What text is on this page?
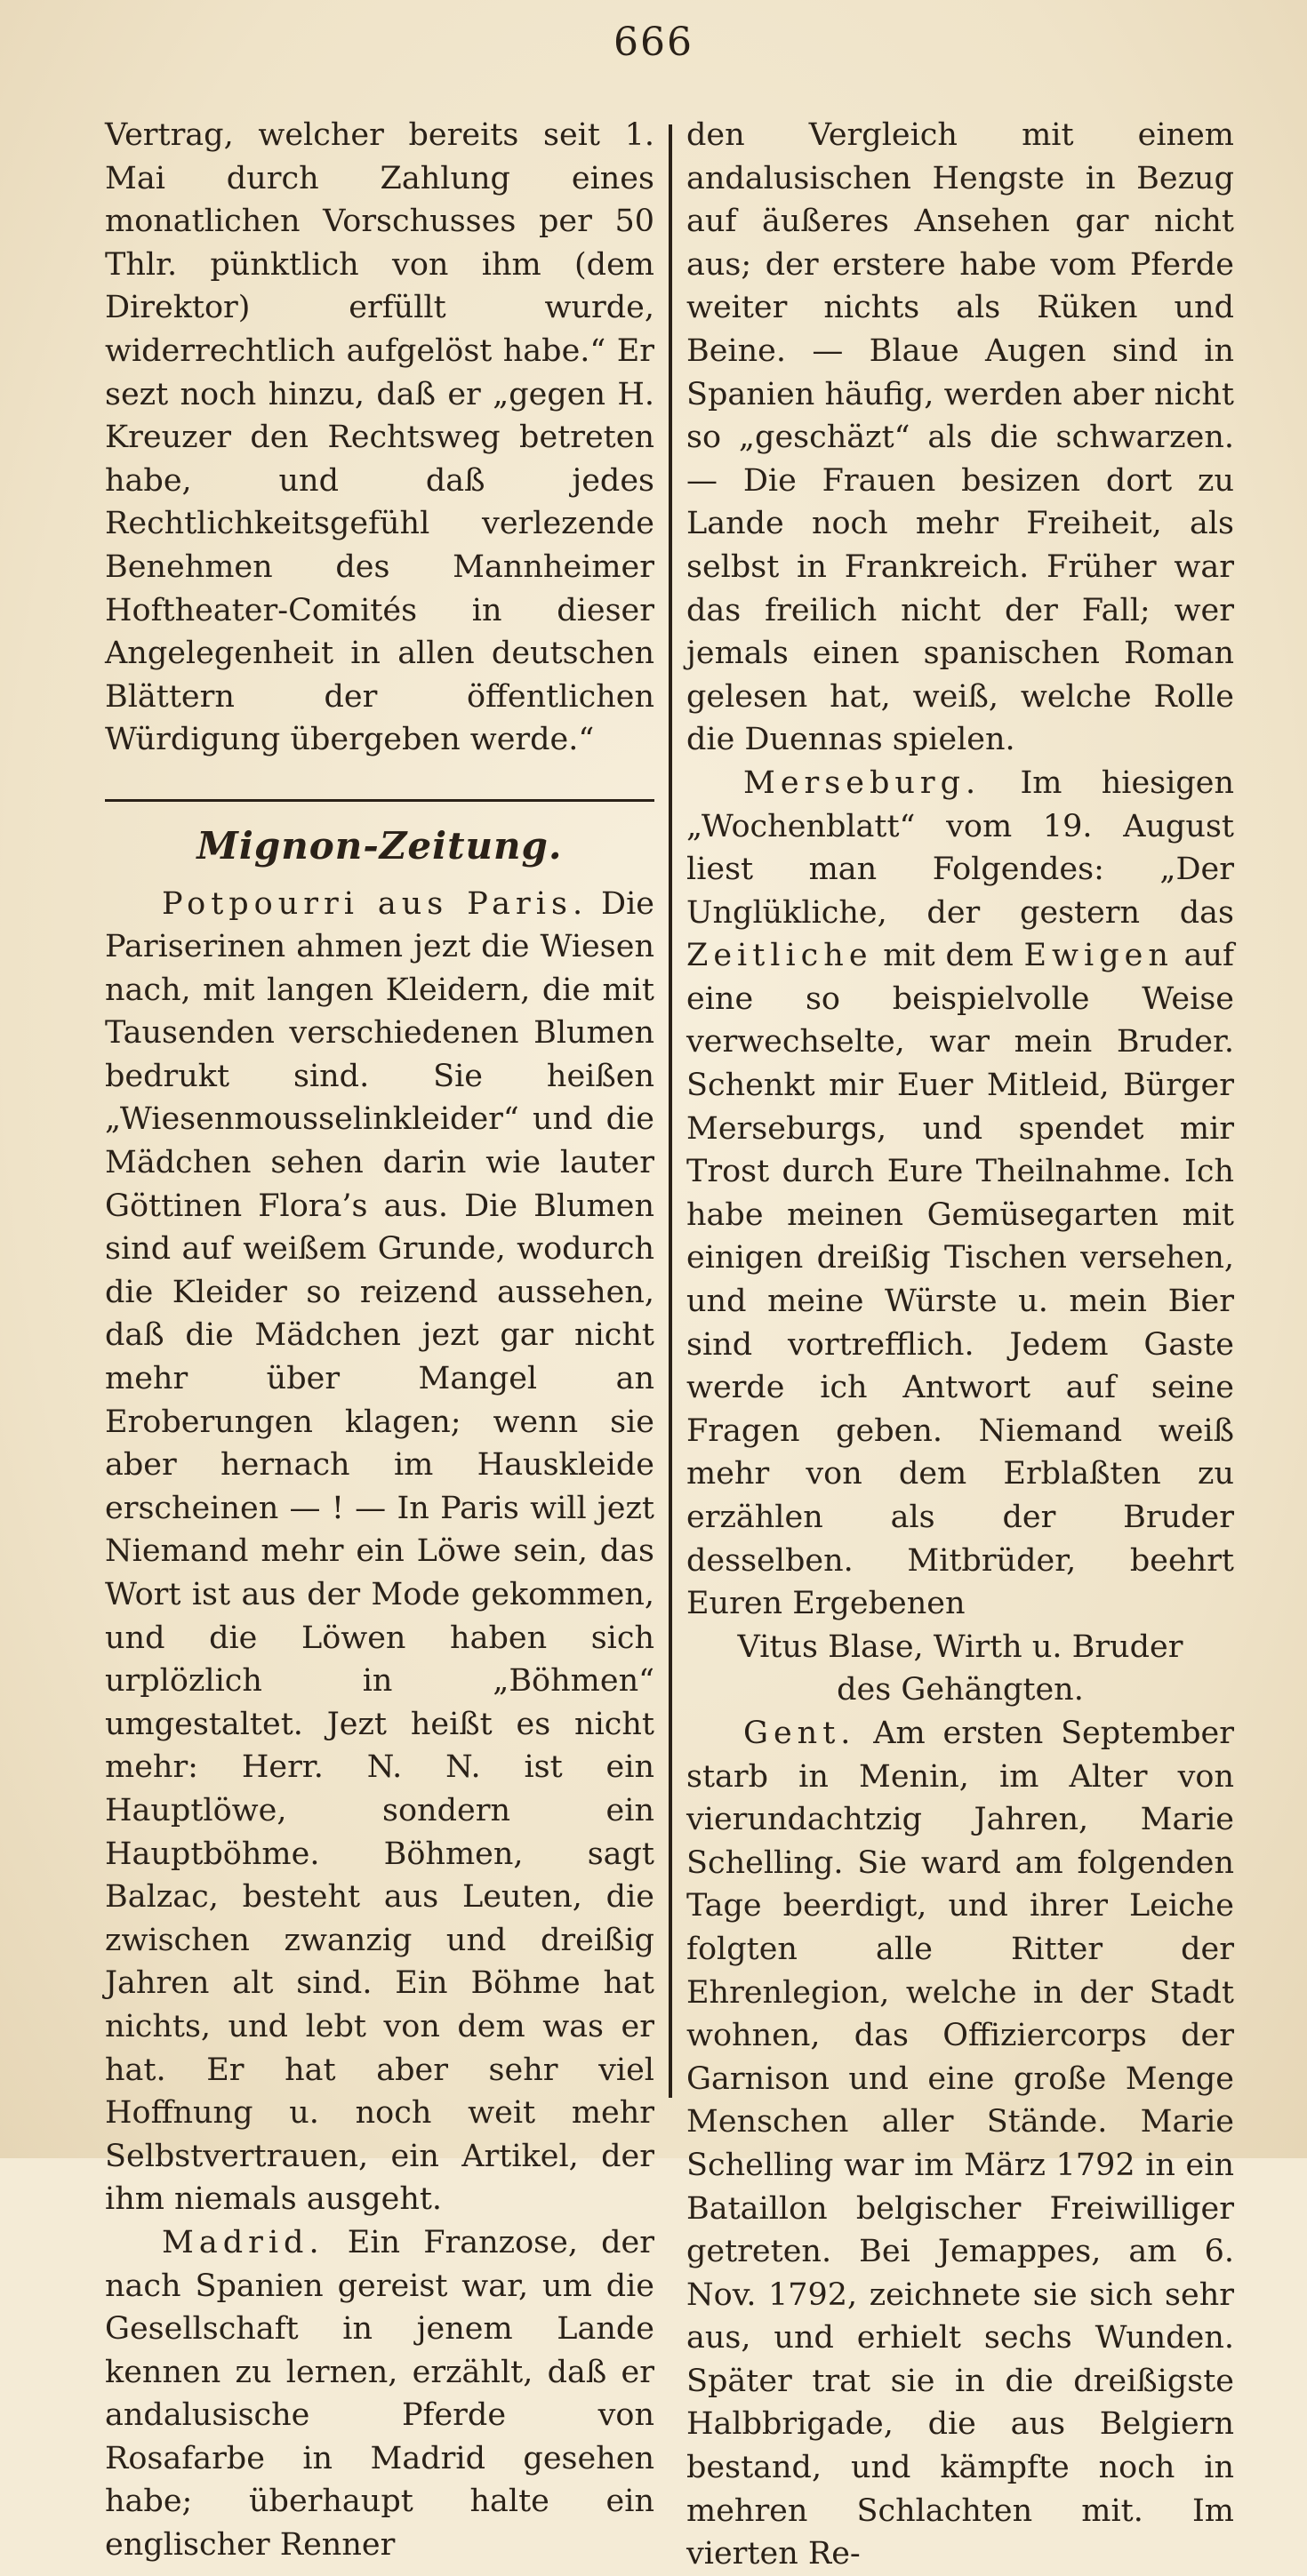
666

Vertrag, welcher bereits seit 1. Mai durch Zahlung eines monatlichen Vorschusses per 50 Thlr. pünktlich von ihm (dem Direktor) erfüllt wurde, widerrechtlich aufgelöst habe.“ Er sezt noch hinzu, daß er „gegen H. Kreuzer den Rechtsweg betreten habe, und daß jedes Rechtlichkeitsgefühl verlezende Benehmen des Mannheimer Hoftheater-Comités in dieser Angelegenheit in allen deutschen Blättern der öffentlichen Würdigung übergeben werde.“

Mignon-Zeitung.

Potpourri aus Paris. Die Pariserinen ahmen jezt die Wiesen nach, mit langen Kleidern, die mit Tausenden verschiedenen Blumen bedrukt sind. Sie heißen „Wiesenmousselinkleider“ und die Mädchen sehen darin wie lauter Göttinen Flora’s aus. Die Blumen sind auf weißem Grunde, wodurch die Kleider so reizend aussehen, daß die Mädchen jezt gar nicht mehr über Mangel an Eroberungen klagen; wenn sie aber hernach im Hauskleide erscheinen — ! — In Paris will jezt Niemand mehr ein Löwe sein, das Wort ist aus der Mode gekommen, und die Löwen haben sich urplözlich in „Böhmen“ umgestaltet. Jezt heißt es nicht mehr: Herr. N. N. ist ein Hauptlöwe, sondern ein Hauptböhme. Böhmen, sagt Balzac, besteht aus Leuten, die zwischen zwanzig und dreißig Jahren alt sind. Ein Böhme hat nichts, und lebt von dem was er hat. Er hat aber sehr viel Hoffnung u. noch weit mehr Selbstvertrauen, ein Artikel, der ihm niemals ausgeht.

Madrid. Ein Franzose, der nach Spanien gereist war, um die Gesellschaft in jenem Lande kennen zu lernen, erzählt, daß er andalusische Pferde von Rosafarbe in Madrid gesehen habe; überhaupt halte ein englischer Renner

den Vergleich mit einem andalusischen Hengste in Bezug auf äußeres Ansehen gar nicht aus; der erstere habe vom Pferde weiter nichts als Rüken und Beine. — Blaue Augen sind in Spanien häufig, werden aber nicht so „geschäzt“ als die schwarzen. — Die Frauen besizen dort zu Lande noch mehr Freiheit, als selbst in Frankreich. Früher war das freilich nicht der Fall; wer jemals einen spanischen Roman gelesen hat, weiß, welche Rolle die Duennas spielen.

Merseburg. Im hiesigen „Wochenblatt“ vom 19. August liest man Folgendes: „Der Unglükliche, der gestern das Zeitliche mit dem Ewigen auf eine so beispielvolle Weise verwechselte, war mein Bruder. Schenkt mir Euer Mitleid, Bürger Merseburgs, und spendet mir Trost durch Eure Theilnahme. Ich habe meinen Gemüsegarten mit einigen dreißig Tischen versehen, und meine Würste u. mein Bier sind vortrefflich. Jedem Gaste werde ich Antwort auf seine Fragen geben. Niemand weiß mehr von dem Erblaßten zu erzählen als der Bruder desselben. Mitbrüder, beehrt Euren Ergebenen

Vitus Blase, Wirth u. Bruder

des Gehängten.

Gent. Am ersten September starb in Menin, im Alter von vierundachtzig Jahren, Marie Schelling. Sie ward am folgenden Tage beerdigt, und ihrer Leiche folgten alle Ritter der Ehrenlegion, welche in der Stadt wohnen, das Offiziercorps der Garnison und eine große Menge Menschen aller Stände. Marie Schelling war im März 1792 in ein Bataillon belgischer Freiwilliger getreten. Bei Jemappes, am 6. Nov. 1792, zeichnete sie sich sehr aus, und erhielt sechs Wunden. Später trat sie in die dreißigste Halbbrigade, die aus Belgiern bestand, und kämpfte noch in mehren Schlachten mit. Im vierten Re-
